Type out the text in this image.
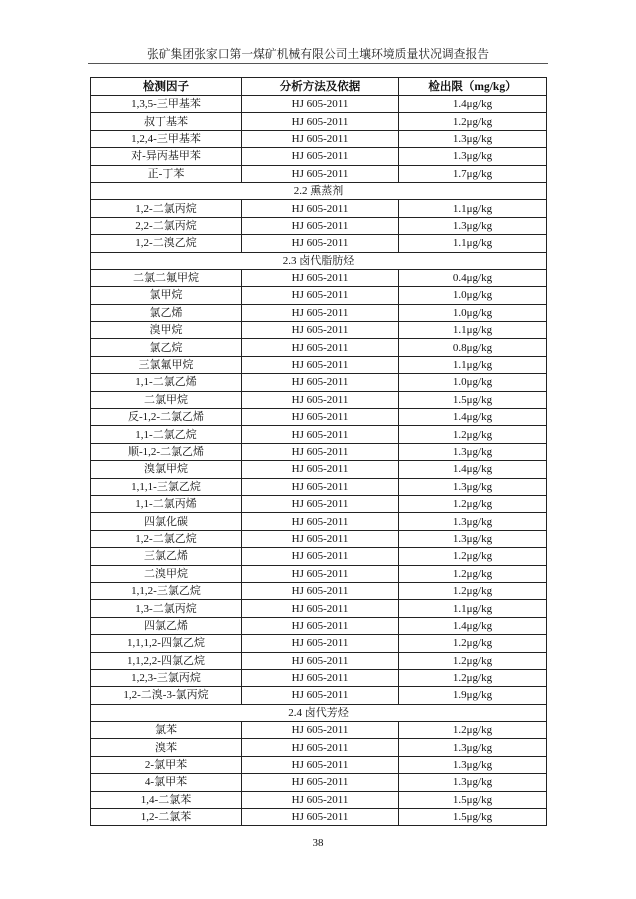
张矿集团张家口第一煤矿机械有限公司土壤环境质量状况调查报告
检测因子	分析方法及依据	检出限（mg/kg）
1,3,5-三甲基苯	HJ 605-2011	1.4μg/kg
叔丁基苯	HJ 605-2011	1.2μg/kg
1,2,4-三甲基苯	HJ 605-2011	1.3μg/kg
对-异丙基甲苯	HJ 605-2011	1.3μg/kg
正-丁苯	HJ 605-2011	1.7μg/kg
2.2 熏蒸剂		
1,2-二氯丙烷	HJ 605-2011	1.1μg/kg
2,2-二氯丙烷	HJ 605-2011	1.3μg/kg
1,2-二溴乙烷	HJ 605-2011	1.1μg/kg
2.3 卤代脂肪烃		
二氯二氟甲烷	HJ 605-2011	0.4μg/kg
氯甲烷	HJ 605-2011	1.0μg/kg
氯乙烯	HJ 605-2011	1.0μg/kg
溴甲烷	HJ 605-2011	1.1μg/kg
氯乙烷	HJ 605-2011	0.8μg/kg
三氯氟甲烷	HJ 605-2011	1.1μg/kg
1,1-二氯乙烯	HJ 605-2011	1.0μg/kg
二氯甲烷	HJ 605-2011	1.5μg/kg
反-1,2-二氯乙烯	HJ 605-2011	1.4μg/kg
1,1-二氯乙烷	HJ 605-2011	1.2μg/kg
顺-1,2-二氯乙烯	HJ 605-2011	1.3μg/kg
溴氯甲烷	HJ 605-2011	1.4μg/kg
1,1,1-三氯乙烷	HJ 605-2011	1.3μg/kg
1,1-二氯丙烯	HJ 605-2011	1.2μg/kg
四氯化碳	HJ 605-2011	1.3μg/kg
1,2-二氯乙烷	HJ 605-2011	1.3μg/kg
三氯乙烯	HJ 605-2011	1.2μg/kg
二溴甲烷	HJ 605-2011	1.2μg/kg
1,1,2-三氯乙烷	HJ 605-2011	1.2μg/kg
1,3-二氯丙烷	HJ 605-2011	1.1μg/kg
四氯乙烯	HJ 605-2011	1.4μg/kg
1,1,1,2-四氯乙烷	HJ 605-2011	1.2μg/kg
1,1,2,2-四氯乙烷	HJ 605-2011	1.2μg/kg
1,2,3-三氯丙烷	HJ 605-2011	1.2μg/kg
1,2-二溴-3-氯丙烷	HJ 605-2011	1.9μg/kg
2.4 卤代芳烃		
氯苯	HJ 605-2011	1.2μg/kg
溴苯	HJ 605-2011	1.3μg/kg
2-氯甲苯	HJ 605-2011	1.3μg/kg
4-氯甲苯	HJ 605-2011	1.3μg/kg
1,4-二氯苯	HJ 605-2011	1.5μg/kg
1,2-二氯苯	HJ 605-2011	1.5μg/kg
38
